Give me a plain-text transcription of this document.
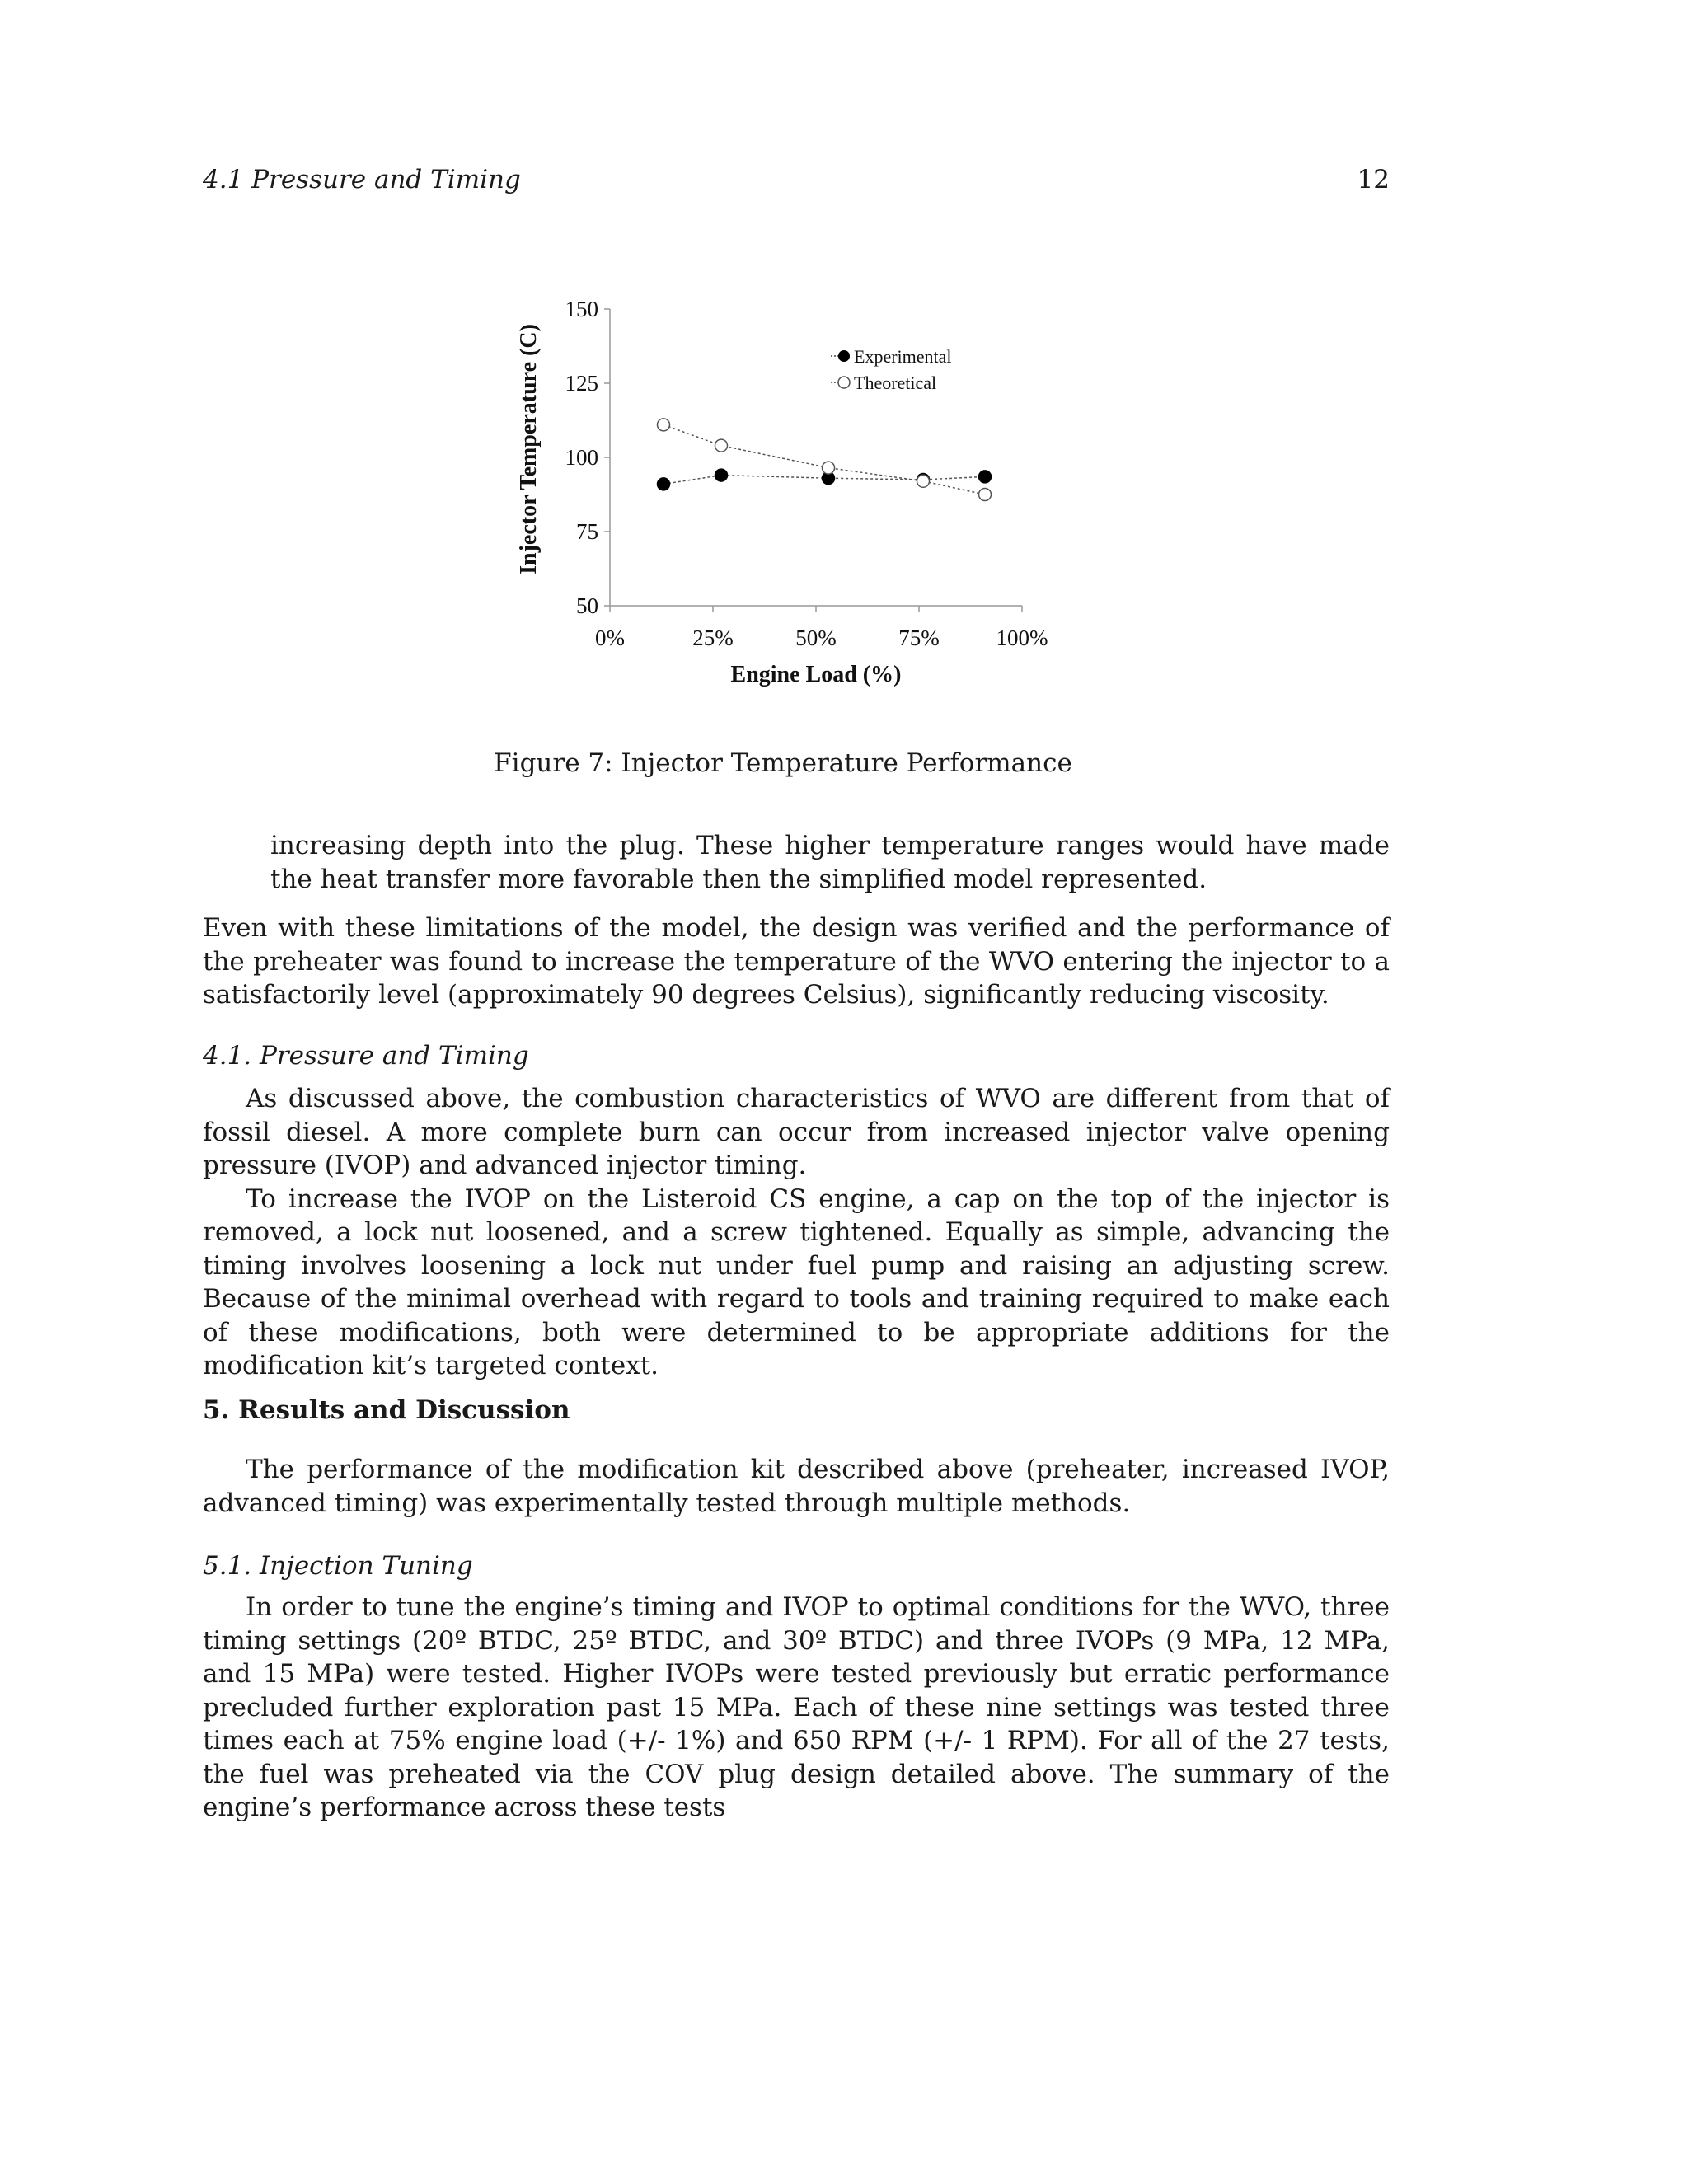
4.1 Pressure and Timing	12
50
75
100
125
150
0%	25%	50%	75%	100%
Engine Load (%)
Injector Temperature (C)	Experimental
Theoretical
Figure 7: Injector Temperature Performance

increasing depth into the plug. These higher temperature ranges would have made the heat transfer more favorable then the simplified model represented.

Even with these limitations of the model, the design was verified and the performance of the preheater was found to increase the temperature of the WVO entering the injector to a satisfactorily level (approximately 90 degrees Celsius), significantly reducing viscosity.

4.1. Pressure and Timing

As discussed above, the combustion characteristics of WVO are different from that of fossil diesel. A more complete burn can occur from increased injector valve opening pressure (IVOP) and advanced injector timing.

To increase the IVOP on the Listeroid CS engine, a cap on the top of the injector is removed, a lock nut loosened, and a screw tightened. Equally as simple, advancing the timing involves loosening a lock nut under fuel pump and raising an adjusting screw. Because of the minimal overhead with regard to tools and training required to make each of these modifications, both were determined to be appropriate additions for the modification kit’s targeted context.

5. Results and Discussion

The performance of the modification kit described above (preheater, increased IVOP, advanced timing) was experimentally tested through multiple methods.

5.1. Injection Tuning

In order to tune the engine’s timing and IVOP to optimal conditions for the WVO, three timing settings (20º BTDC, 25º BTDC, and 30º BTDC) and three IVOPs (9 MPa, 12 MPa, and 15 MPa) were tested. Higher IVOPs were tested previously but erratic performance precluded further exploration past 15 MPa. Each of these nine settings was tested three times each at 75% engine load (+/- 1%) and 650 RPM (+/- 1 RPM). For all of the 27 tests, the fuel was preheated via the COV plug design detailed above. The summary of the engine’s performance across these tests
